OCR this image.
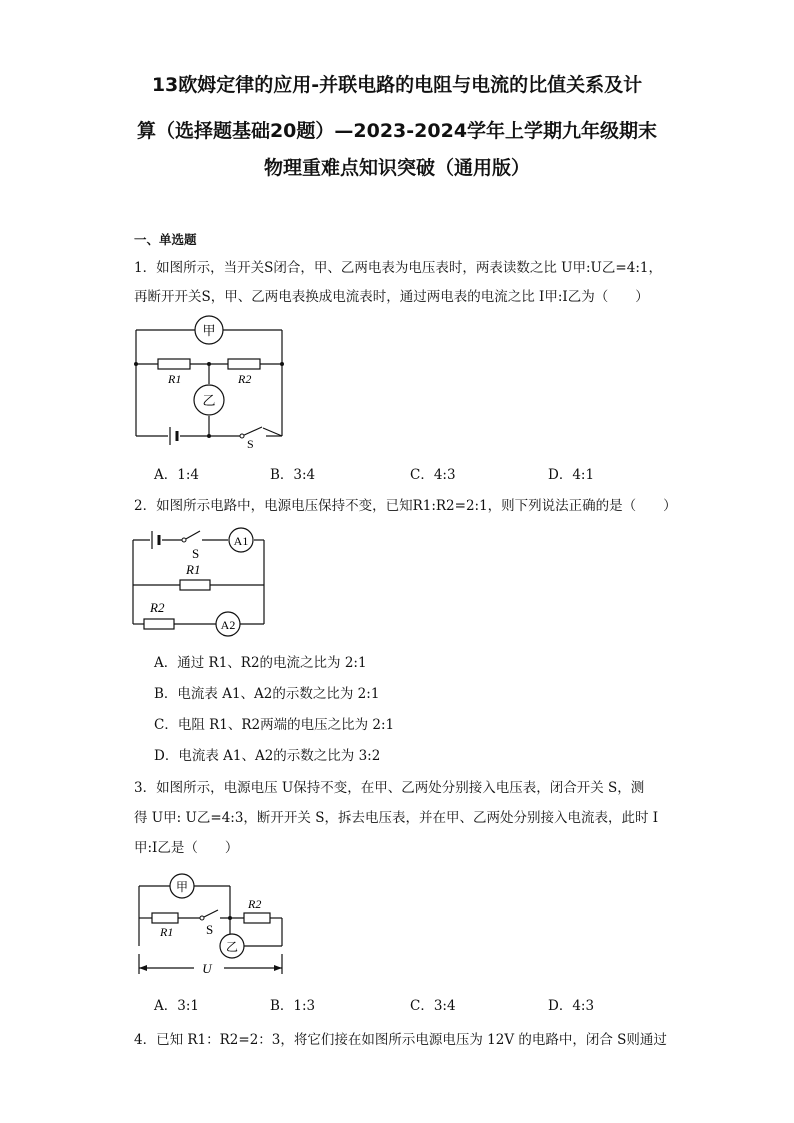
13欧姆定律的应用-并联电路的电阻与电流的比值关系及计
算（选择题基础20题）—2023-2024学年上学期九年级期末
物理重难点知识突破（通用版）
一、单选题
1．如图所示，当开关S闭合，甲、乙两电表为电压表时，两表读数之比 U甲:U乙=4:1，
再断开开关S，甲、乙两电表换成电流表时，通过两电表的电流之比 I甲:I乙为（　　）
甲
R1	R2
乙
S
A．1:4	B．3:4	C．4:3	D．4:1
2．如图所示电路中，电源电压保持不变，已知R1:R2=2:1，则下列说法正确的是（　　）
S
A1
R1
R2
A2
A．通过 R1、R2的电流之比为 2:1
B．电流表 A1、A2的示数之比为 2:1
C．电阻 R1、R2两端的电压之比为 2:1
D．电流表 A1、A2的示数之比为 3:2
3．如图所示，电源电压 U保持不变，在甲、乙两处分别接入电压表，闭合开关 S，测
得 U甲: U乙=4:3，断开开关 S，拆去电压表，并在甲、乙两处分别接入电流表，此时 I
甲:I乙是（　　）
甲
R1	S
R2
乙
U
A．3:1	B．1:3	C．3:4	D．4:3
4．已知 R1：R2=2：3，将它们接在如图所示电源电压为 12V 的电路中，闭合 S则通过
